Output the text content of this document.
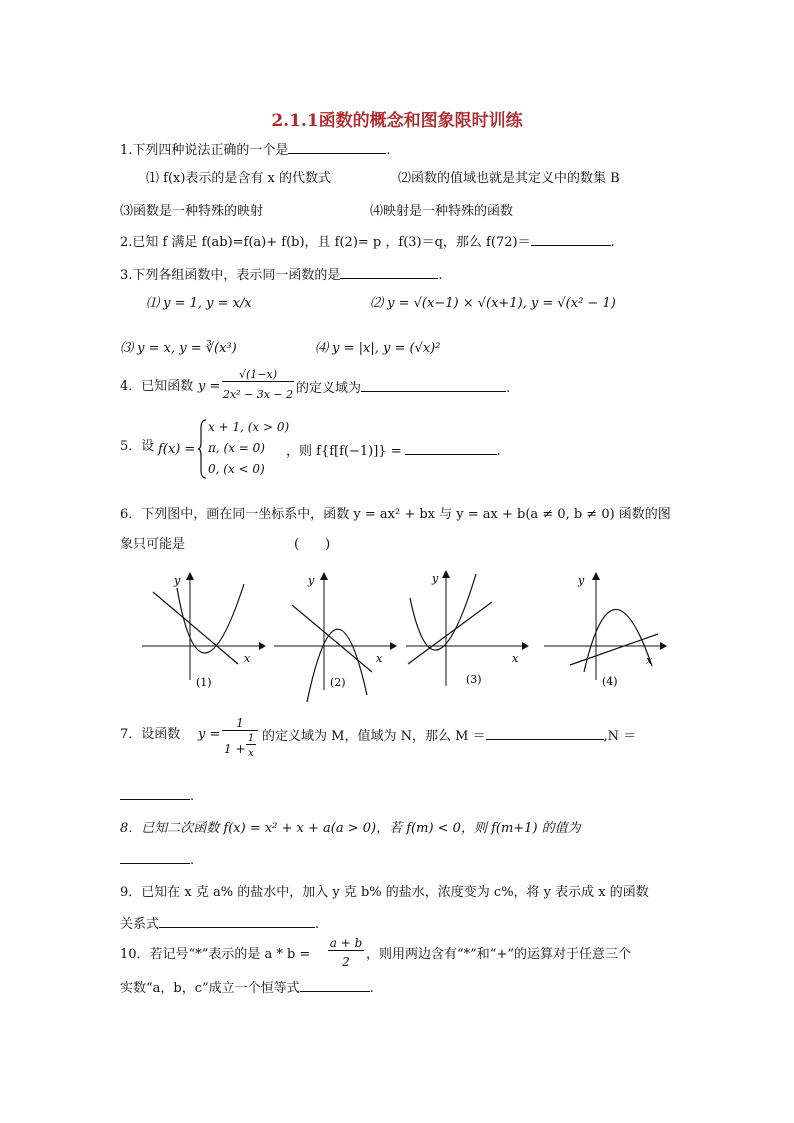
2.1.1函数的概念和图象限时训练
1.下列四种说法正确的一个是	.
⑴ f(x)表示的是含有 x 的代数式	⑵函数的值域也就是其定义中的数集 B
⑶函数是一种特殊的映射	⑷映射是一种特殊的函数
2.已知 f 满足 f(ab)=f(a)+ f(b)，且 f(2)= p ，f(3)＝q，那么 f(72)＝	.
3.下列各组函数中，表示同一函数的是	.
⑴ y = 1, y = x/x	⑵ y = √(x−1) × √(x+1), y = √(x² − 1)
⑶ y = x, y = ∛(x³)	⑷ y = |x|, y = (√x)²
4．已知函数 y =
√(1−x)
2x² − 3x − 2 的定义域为	.
5．设 f(x) =
x + 1, (x > 0)
π, (x = 0)
0, (x < 0)
，则 f{f[f(−1)]} =	.
6．下列图中，画在同一坐标系中，函数 y = ax² + bx 与 y = ax + b(a ≠ 0, b ≠ 0) 函数的图
象只可能是	(　　)
x
y
(1)
x
y
(2)
x
y
(3)
x
y
(4)
7．设函数 y =
1
1 +
1
x
的定义域为 M，值域为 N，那么 M ＝	,N ＝
.
8．已知二次函数 f(x) = x² + x + a(a > 0)，若 f(m) < 0，则 f(m+1) 的值为
.
9．已知在 x 克 a% 的盐水中，加入 y 克 b% 的盐水，浓度变为 c%，将 y 表示成 x 的函数
关系式	.
10．若记号“*”表示的是 a * b =
a + b
2	，则用两边含有“*”和“+”的运算对于任意三个
实数“a，b，c”成立一个恒等式	.
